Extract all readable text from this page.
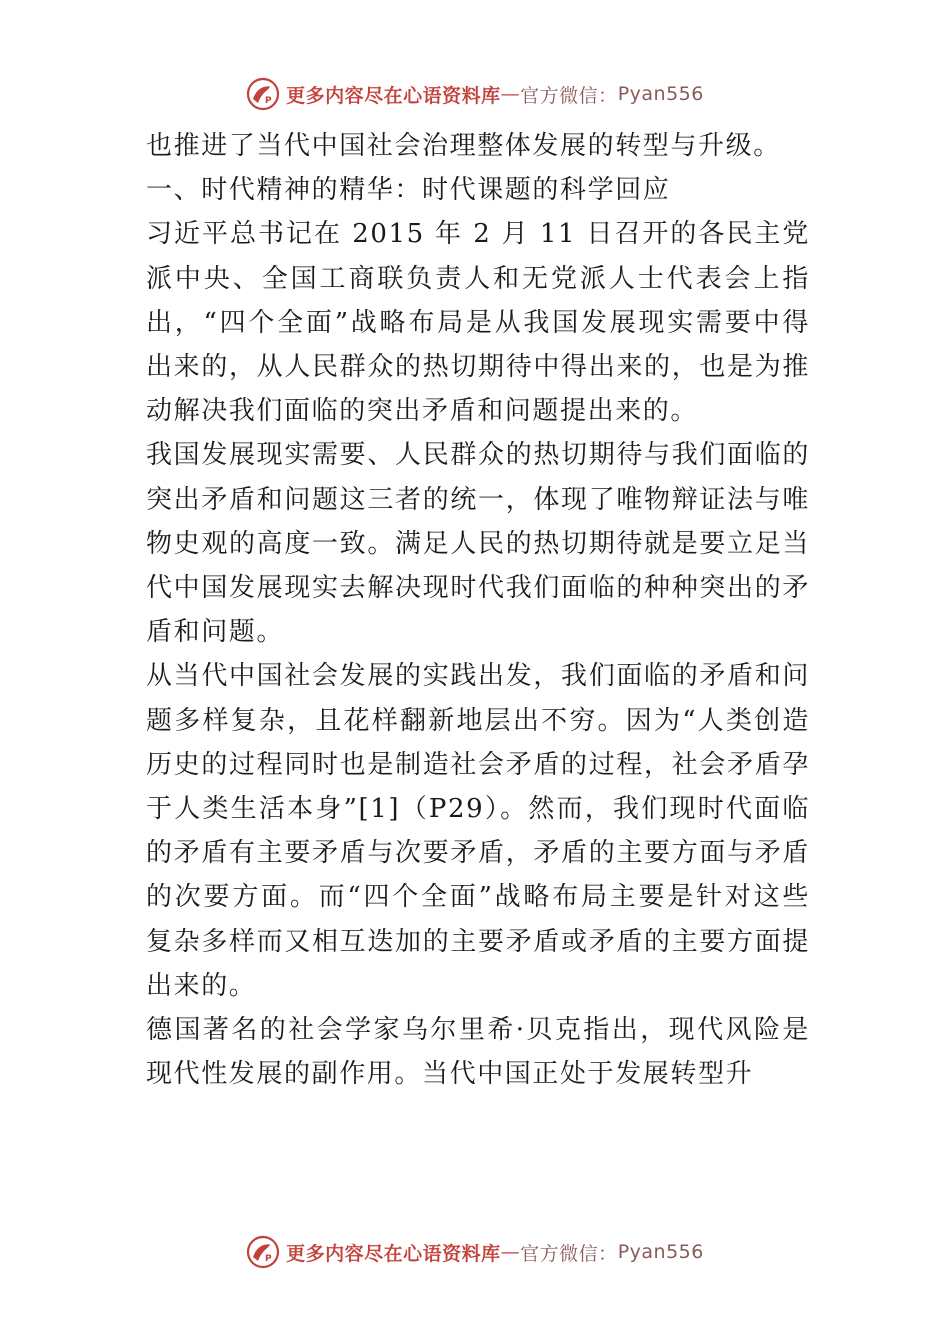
P 更多内容尽在心语资料库 — 官方微信： Pyan556

也推进了当代中国社会治理整体发展的转型与升级。

一、时代精神的精华：时代课题的科学回应

习近平总书记在 2015 年 2 月 11 日召开的各民主党派中央、全国工商联负责人和无党派人士代表会上指出，“四个全面”战略布局是从我国发展现实需要中得出来的，从人民群众的热切期待中得出来的，也是为推动解决我们面临的突出矛盾和问题提出来的。

我国发展现实需要、人民群众的热切期待与我们面临的突出矛盾和问题这三者的统一，体现了唯物辩证法与唯物史观的高度一致。满足人民的热切期待就是要立足当代中国发展现实去解决现时代我们面临的种种突出的矛盾和问题。

从当代中国社会发展的实践出发，我们面临的矛盾和问题多样复杂，且花样翻新地层出不穷。因为“人类创造历史的过程同时也是制造社会矛盾的过程，社会矛盾孕于人类生活本身”[1]（P29）。然而，我们现时代面临的矛盾有主要矛盾与次要矛盾，矛盾的主要方面与矛盾的次要方面。而“四个全面”战略布局主要是针对这些复杂多样而又相互迭加的主要矛盾或矛盾的主要方面提出来的。

德国著名的社会学家乌尔里希·贝克指出，现代风险是现代性发展的副作用。当代中国正处于发展转型升

P 更多内容尽在心语资料库 — 官方微信： Pyan556
